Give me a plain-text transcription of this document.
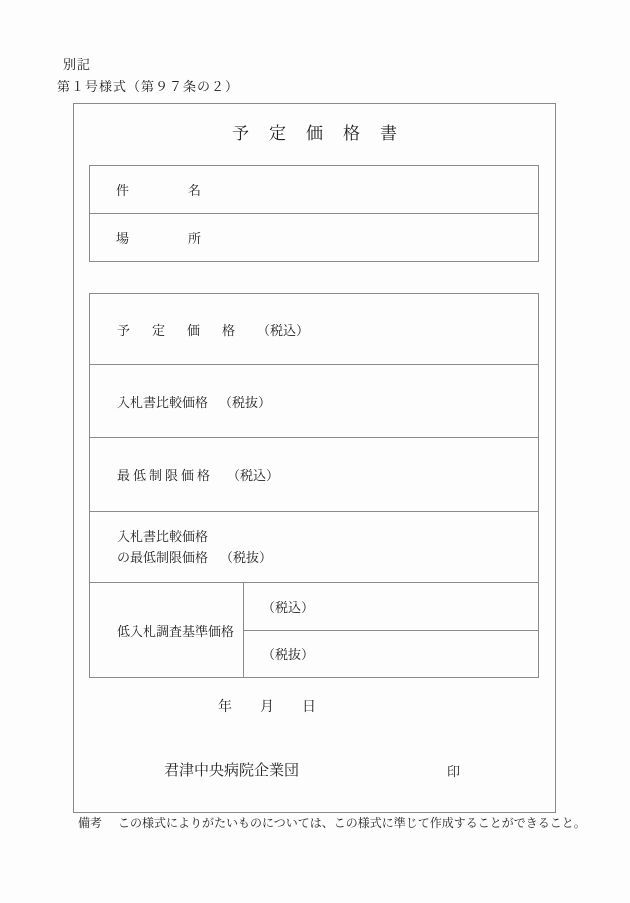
別記
第１号様式（第９７条の２）
予定価格書
件名
場所
予定価格 （税込）
入札書比較価格 （税抜）
最低制限価格 （税込）
入札書比較価格
の最低制限価格 （税抜）
低入札調査基準価格
（税込）
（税抜）
年　　月　　日
君津中央病院企業団	印
備考 この様式によりがたいものについては、この様式に準じて作成することができること。
